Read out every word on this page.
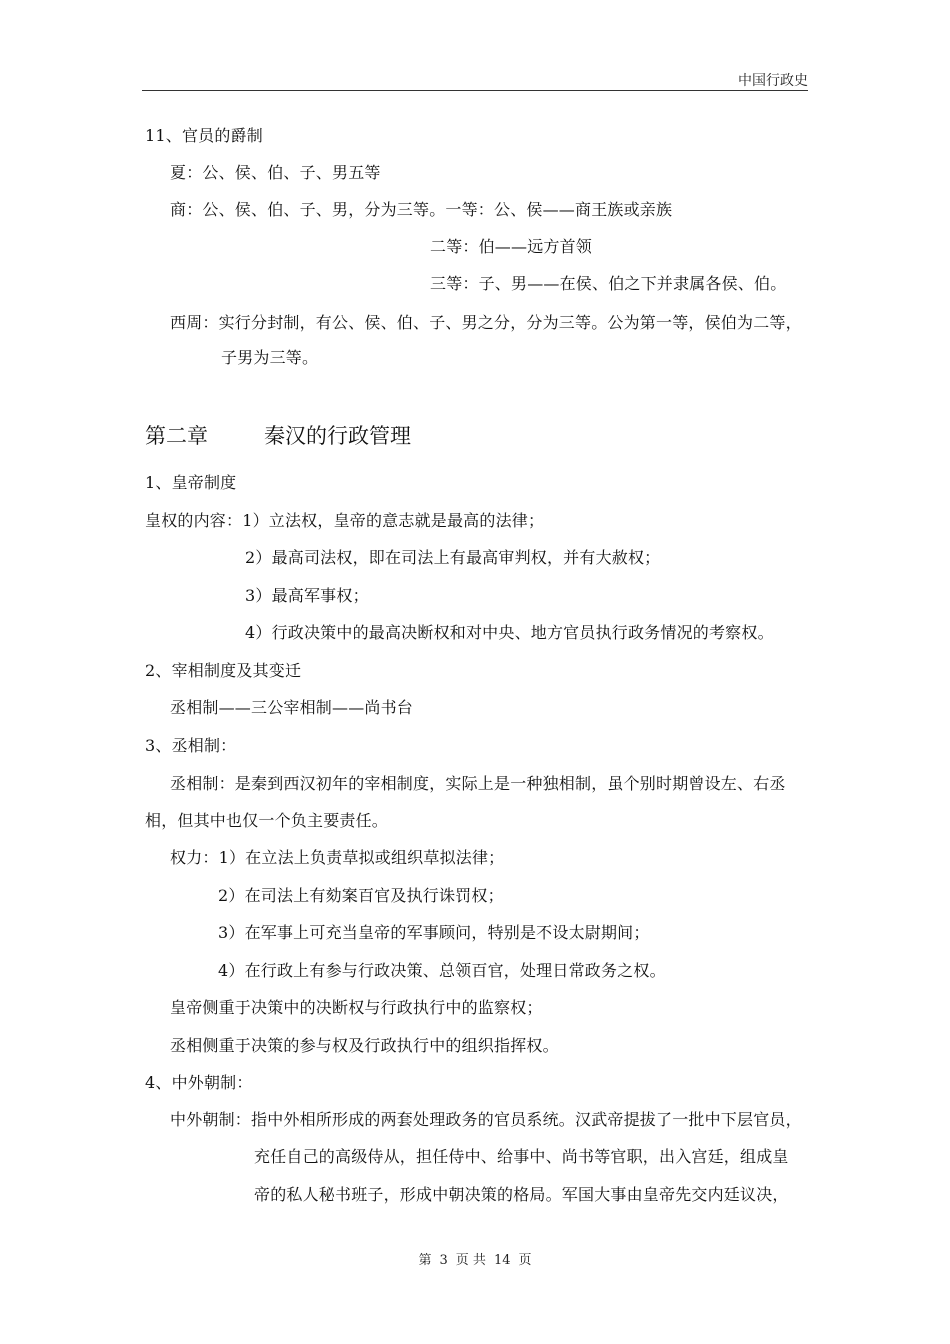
中国行政史
11、官员的爵制
夏：公、侯、伯、子、男五等
商：公、侯、伯、子、男，分为三等。一等：公、侯——商王族或亲族
二等：伯——远方首领
三等：子、男——在侯、伯之下并隶属各侯、伯。
西周：实行分封制，有公、侯、伯、子、男之分，分为三等。公为第一等，侯伯为二等，
子男为三等。
第二章	秦汉的行政管理
1、皇帝制度
皇权的内容：1）立法权，皇帝的意志就是最高的法律；
2）最高司法权，即在司法上有最高审判权，并有大赦权；
3）最高军事权；
4）行政决策中的最高决断权和对中央、地方官员执行政务情况的考察权。
2、宰相制度及其变迁
丞相制——三公宰相制——尚书台
3、丞相制：
丞相制：是秦到西汉初年的宰相制度，实际上是一种独相制，虽个别时期曾设左、右丞
相，但其中也仅一个负主要责任。
权力：1）在立法上负责草拟或组织草拟法律；
2）在司法上有劾案百官及执行诛罚权；
3）在军事上可充当皇帝的军事顾问，特别是不设太尉期间；
4）在行政上有参与行政决策、总领百官，处理日常政务之权。
皇帝侧重于决策中的决断权与行政执行中的监察权；
丞相侧重于决策的参与权及行政执行中的组织指挥权。
4、中外朝制：
中外朝制：指中外相所形成的两套处理政务的官员系统。汉武帝提拔了一批中下层官员，
充任自己的高级侍从，担任侍中、给事中、尚书等官职，出入宫廷，组成皇
帝的私人秘书班子，形成中朝决策的格局。军国大事由皇帝先交内廷议决，
第 3 页 共 14 页
